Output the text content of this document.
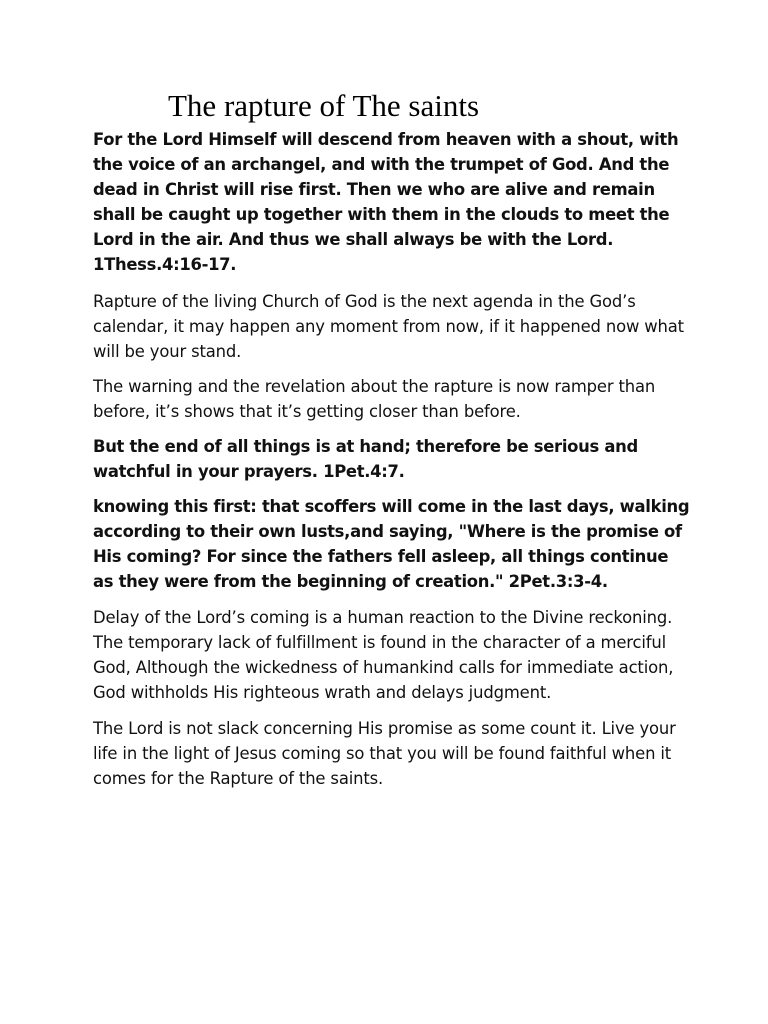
The rapture of The saints

For the Lord Himself will descend from heaven with a shout, with the voice of an archangel, and with the trumpet of God. And the dead in Christ will rise first. Then we who are alive and remain shall be caught up together with them in the clouds to meet the Lord in the air. And thus we shall always be with the Lord. 1Thess.4:16-17.

Rapture of the living Church of God is the next agenda in the God’s calendar, it may happen any moment from now, if it happened now what will be your stand.

The warning and the revelation about the rapture is now ramper than before, it’s shows that it’s getting closer than before.

But the end of all things is at hand; therefore be serious and watchful in your prayers. 1Pet.4:7.

knowing this first: that scoffers will come in the last days, walking according to their own lusts,and saying, "Where is the promise of His coming? For since the fathers fell asleep, all things continue as they were from the beginning of creation." 2Pet.3:3-4.

Delay of the Lord’s coming is a human reaction to the Divine reckoning. The temporary lack of fulfillment is found in the character of a merciful God, Although the wickedness of humankind calls for immediate action, God withholds His righteous wrath and delays judgment.

The Lord is not slack concerning His promise as some count it. Live your life in the light of Jesus coming so that you will be found faithful when it comes for the Rapture of the saints.
